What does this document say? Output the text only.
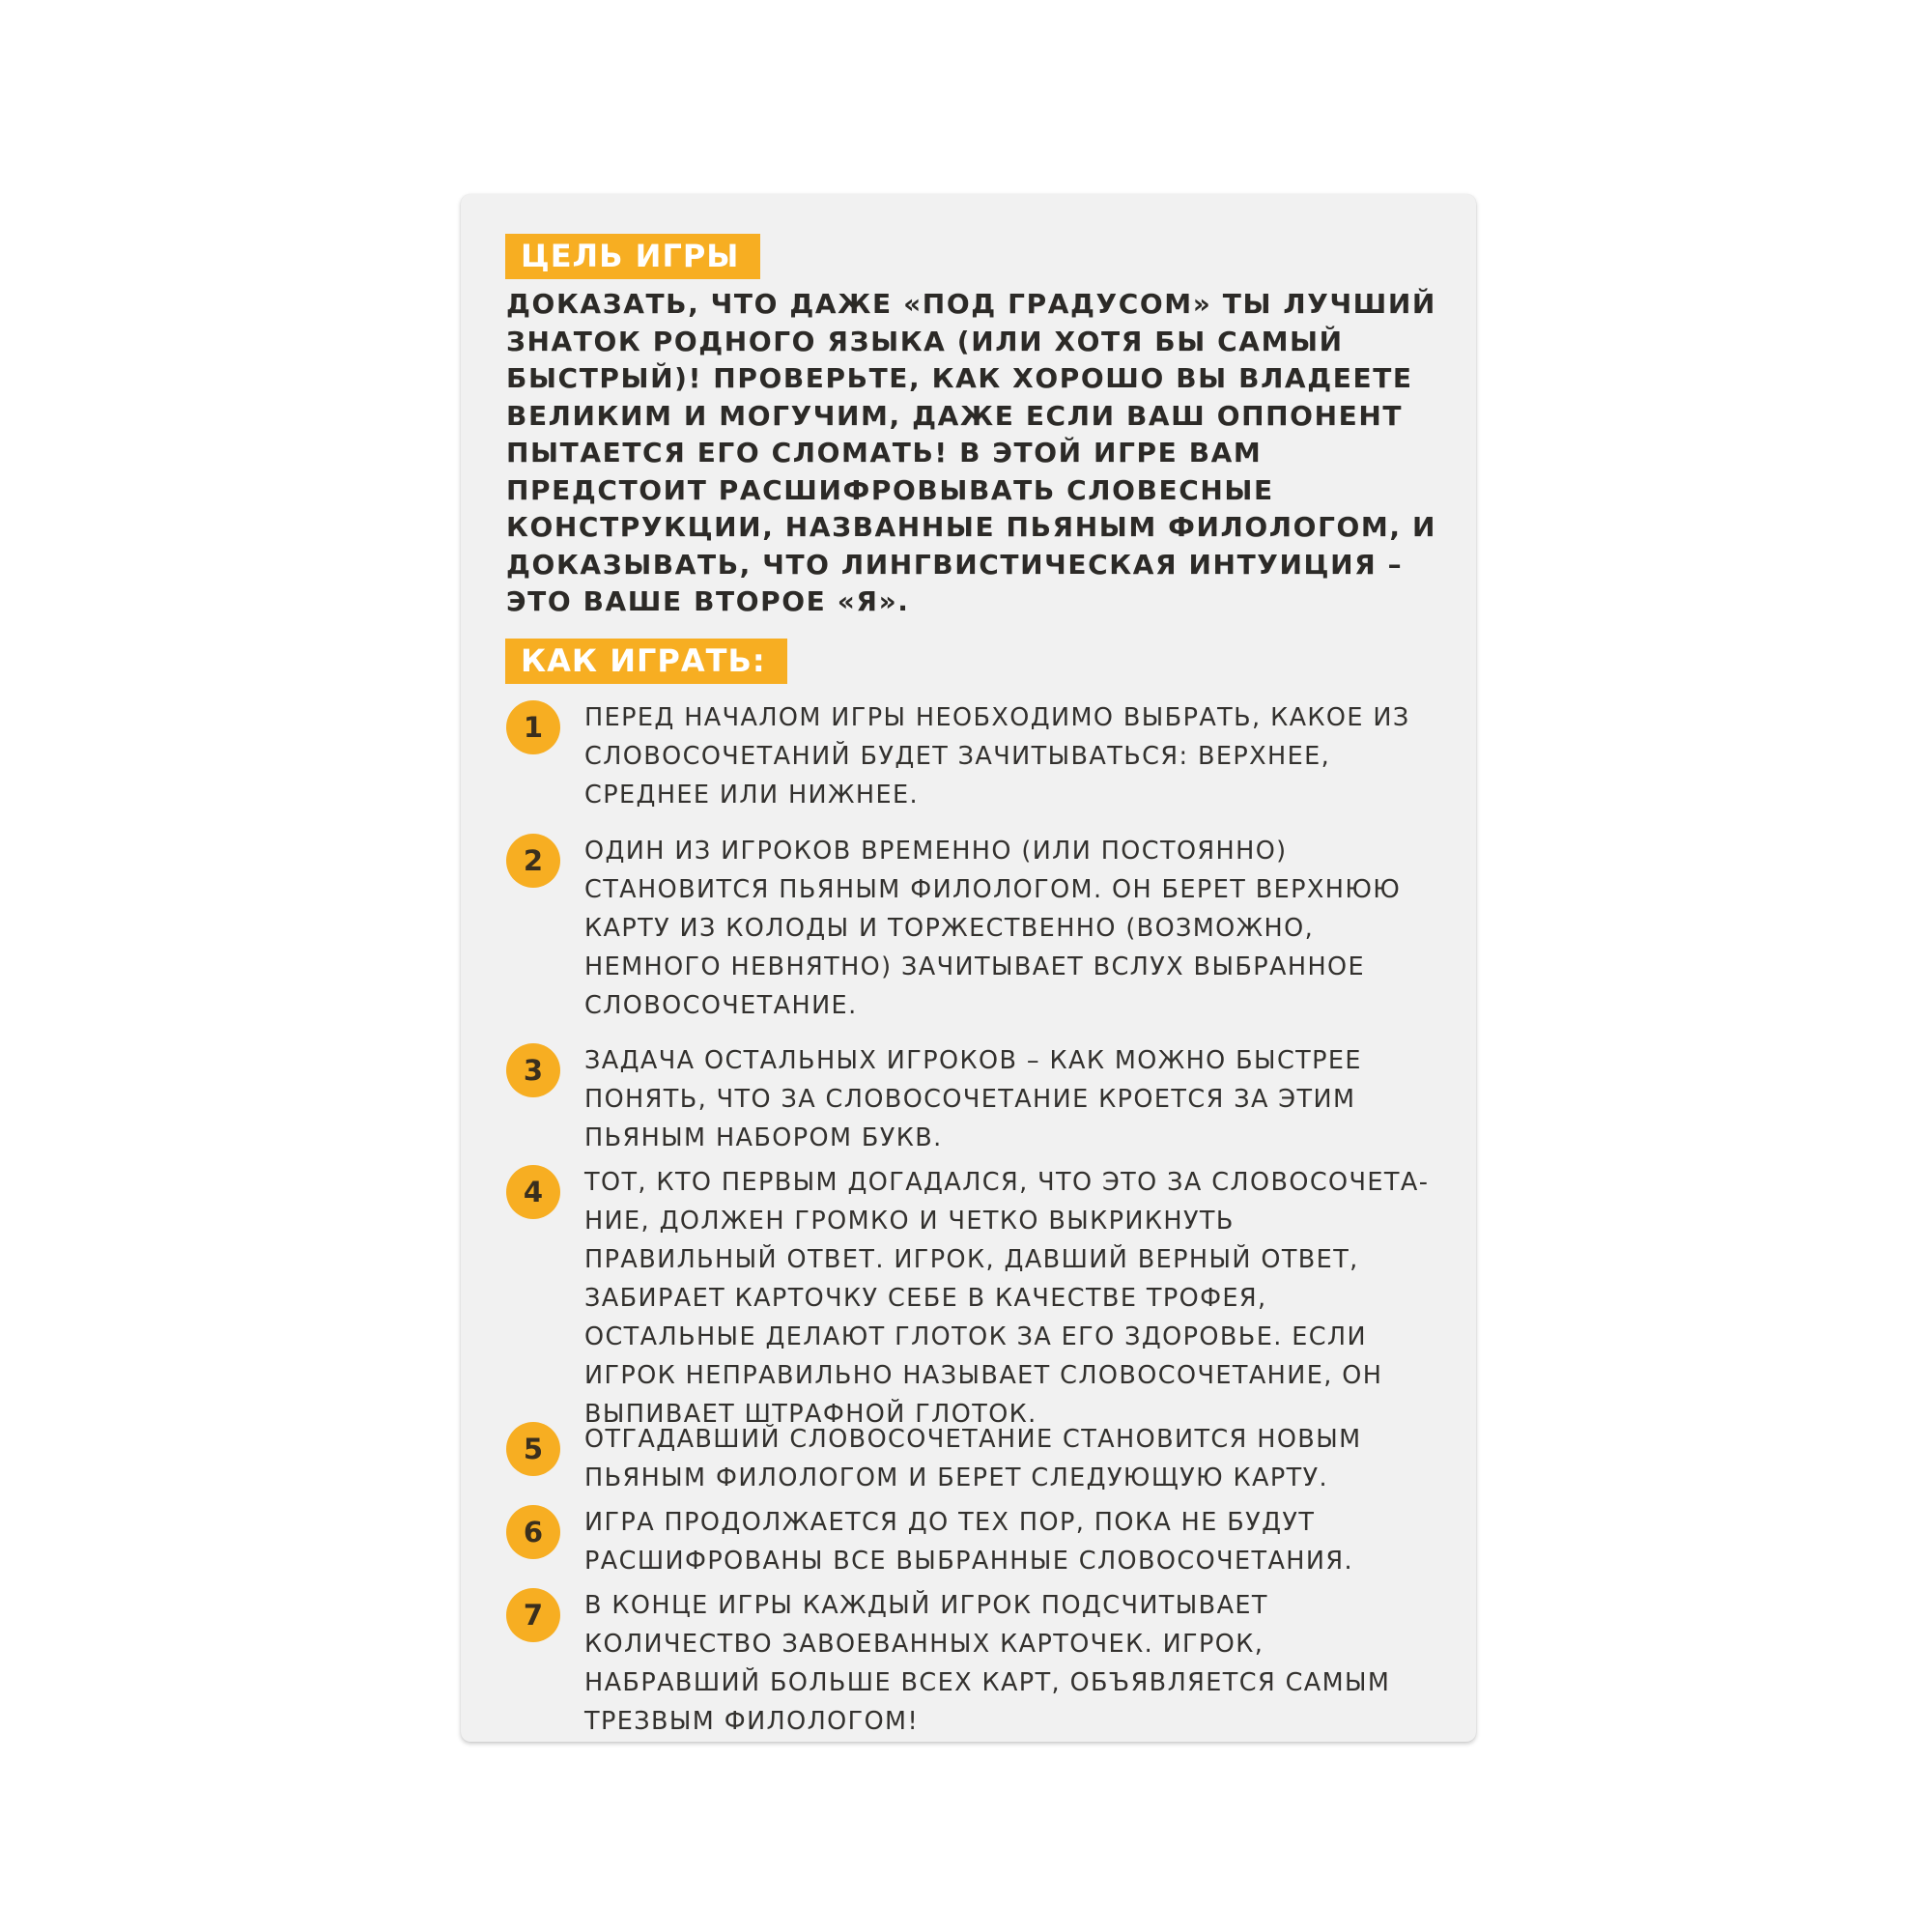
ЦЕЛЬ ИГРЫ

ДОКАЗАТЬ, ЧТО ДАЖЕ «ПОД ГРАДУСОМ» ТЫ ЛУЧШИЙ ЗНАТОК РОДНОГО ЯЗЫКА (ИЛИ ХОТЯ БЫ САМЫЙ БЫСТРЫЙ)! ПРОВЕРЬТЕ, КАК ХОРОШО ВЫ ВЛАДЕЕТЕ ВЕЛИКИМ И МОГУЧИМ, ДАЖЕ ЕСЛИ ВАШ ОППОНЕНТ ПЫТАЕТСЯ ЕГО СЛОМАТЬ! В ЭТОЙ ИГРЕ ВАМ ПРЕДСТОИТ РАСШИФРОВЫВАТЬ СЛОВЕСНЫЕ КОНСТРУКЦИИ, НАЗВАННЫЕ ПЬЯНЫМ ФИЛОЛОГОМ, И ДОКАЗЫВАТЬ, ЧТО ЛИНГВИСТИЧЕСКАЯ ИНТУИЦИЯ – ЭТО ВАШЕ ВТОРОЕ «Я».

КАК ИГРАТЬ:
1	ПЕРЕД НАЧАЛОМ ИГРЫ НЕОБХОДИМО ВЫБРАТЬ, КАКОЕ ИЗ СЛОВОСОЧЕТАНИЙ БУДЕТ ЗАЧИТЫВАТЬСЯ: ВЕРХНЕЕ, СРЕДНЕЕ ИЛИ НИЖНЕЕ.

2	ОДИН ИЗ ИГРОКОВ ВРЕМЕННО (ИЛИ ПОСТОЯННО) СТАНОВИТСЯ ПЬЯНЫМ ФИЛОЛОГОМ. ОН БЕРЕТ ВЕРХНЮЮ КАРТУ ИЗ КОЛОДЫ И ТОРЖЕСТВЕННО (ВОЗМОЖНО, НЕМНОГО НЕВНЯТНО) ЗАЧИТЫВАЕТ ВСЛУХ ВЫБРАННОЕ СЛОВОСОЧЕТАНИЕ.

3	ЗАДАЧА ОСТАЛЬНЫХ ИГРОКОВ – КАК МОЖНО БЫСТРЕЕ ПОНЯТЬ, ЧТО ЗА СЛОВОСОЧЕТАНИЕ КРОЕТСЯ ЗА ЭТИМ ПЬЯНЫМ НАБОРОМ БУКВ.

4	ТОТ, КТО ПЕРВЫМ ДОГАДАЛСЯ, ЧТО ЭТО ЗА СЛОВОСОЧЕТА-НИЕ, ДОЛЖЕН ГРОМКО И ЧЕТКО ВЫКРИКНУТЬ ПРАВИЛЬНЫЙ ОТВЕТ. ИГРОК, ДАВШИЙ ВЕРНЫЙ ОТВЕТ, ЗАБИРАЕТ КАРТОЧКУ СЕБЕ В КАЧЕСТВЕ ТРОФЕЯ, ОСТАЛЬНЫЕ ДЕЛАЮТ ГЛОТОК ЗА ЕГО ЗДОРОВЬЕ. ЕСЛИ ИГРОК НЕПРАВИЛЬНО НАЗЫВАЕТ СЛОВОСОЧЕТАНИЕ, ОН ВЫПИВАЕТ ШТРАФНОЙ ГЛОТОК.

5	ОТГАДАВШИЙ СЛОВОСОЧЕТАНИЕ СТАНОВИТСЯ НОВЫМ ПЬЯНЫМ ФИЛОЛОГОМ И БЕРЕТ СЛЕДУЮЩУЮ КАРТУ.

6	ИГРА ПРОДОЛЖАЕТСЯ ДО ТЕХ ПОР, ПОКА НЕ БУДУТ РАСШИФРОВАНЫ ВСЕ ВЫБРАННЫЕ СЛОВОСОЧЕТАНИЯ.

7	В КОНЦЕ ИГРЫ КАЖДЫЙ ИГРОК ПОДСЧИТЫВАЕТ КОЛИЧЕСТВО ЗАВОЕВАННЫХ КАРТОЧЕК. ИГРОК, НАБРАВШИЙ БОЛЬШЕ ВСЕХ КАРТ, ОБЪЯВЛЯЕТСЯ САМЫМ ТРЕЗВЫМ ФИЛОЛОГОМ!
